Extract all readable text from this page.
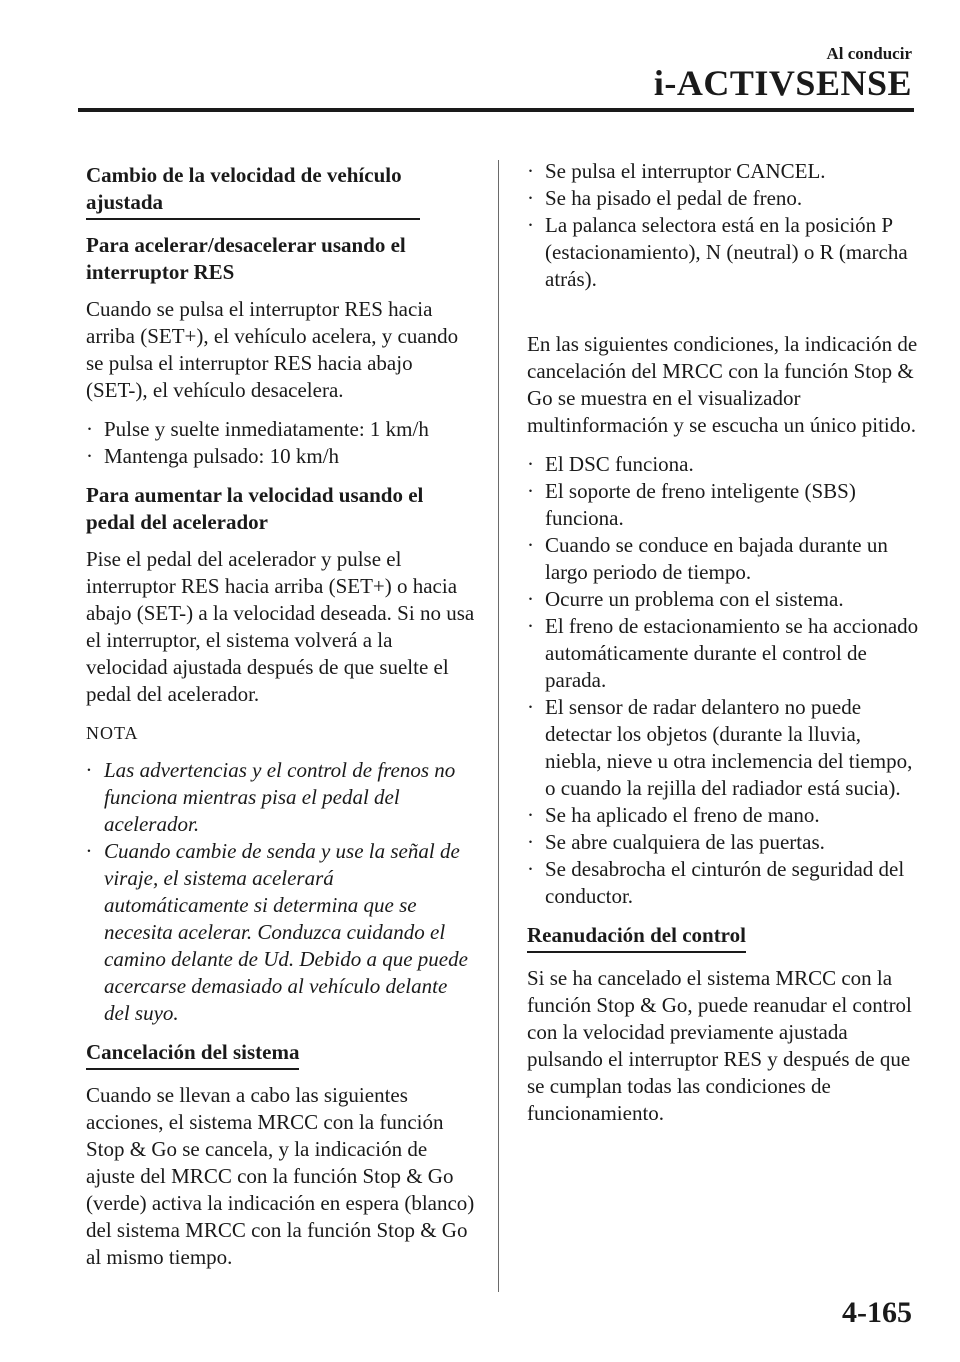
Al conducir
i-ACTIVSENSE
Cambio de la velocidad de vehículo ajustada
Para acelerar/desacelerar usando el interruptor RES

Cuando se pulsa el interruptor RES hacia arriba (SET+), el vehículo acelera, y cuando se pulsa el interruptor RES hacia abajo (SET-), el vehículo desacelera.

· Pulse y suelte inmediatamente: 1 km/h
· Mantenga pulsado: 10 km/h
Para aumentar la velocidad usando el pedal del acelerador

Pise el pedal del acelerador y pulse el interruptor RES hacia arriba (SET+) o hacia abajo (SET-) a la velocidad deseada. Si no usa el interruptor, el sistema volverá a la velocidad ajustada después de que suelte el pedal del acelerador.

NOTA
· Las advertencias y el control de frenos no funciona mientras pisa el pedal del acelerador.
· Cuando cambie de senda y use la señal de viraje, el sistema acelerará automáticamente si determina que se necesita acelerar. Conduzca cuidando el camino delante de Ud. Debido a que puede acercarse demasiado al vehículo delante del suyo.
Cancelación del sistema

Cuando se llevan a cabo las siguientes acciones, el sistema MRCC con la función Stop & Go se cancela, y la indicación de ajuste del MRCC con la función Stop & Go (verde) activa la indicación en espera (blanco) del sistema MRCC con la función Stop & Go al mismo tiempo.

· Se pulsa el interruptor CANCEL.
· Se ha pisado el pedal de freno.
· La palanca selectora está en la posición P (estacionamiento), N (neutral) o R (marcha atrás).

En las siguientes condiciones, la indicación de cancelación del MRCC con la función Stop & Go se muestra en el visualizador multinformación y se escucha un único pitido.

· El DSC funciona.
· El soporte de freno inteligente (SBS) funciona.
· Cuando se conduce en bajada durante un largo periodo de tiempo.
· Ocurre un problema con el sistema.
· El freno de estacionamiento se ha accionado automáticamente durante el control de parada.
· El sensor de radar delantero no puede detectar los objetos (durante la lluvia, niebla, nieve u otra inclemencia del tiempo, o cuando la rejilla del radiador está sucia).
· Se ha aplicado el freno de mano.
· Se abre cualquiera de las puertas.
· Se desabrocha el cinturón de seguridad del conductor.
Reanudación del control

Si se ha cancelado el sistema MRCC con la función Stop & Go, puede reanudar el control con la velocidad previamente ajustada pulsando el interruptor RES y después de que se cumplan todas las condiciones de funcionamiento.

4-165
